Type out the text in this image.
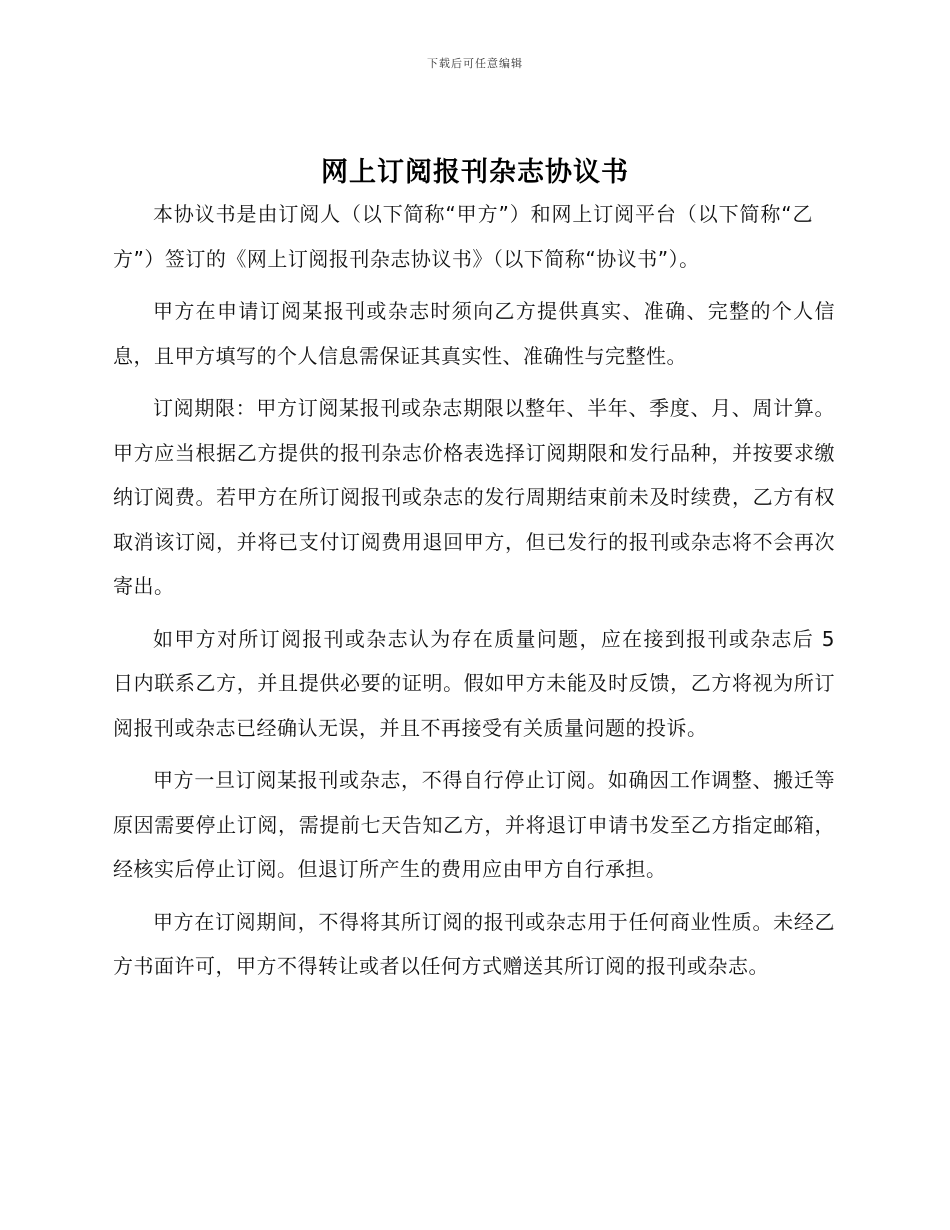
下载后可任意编辑
网上订阅报刊杂志协议书

本协议书是由订阅人（以下简称“甲方”）和网上订阅平台（以下简称“乙方”）签订的《网上订阅报刊杂志协议书》（以下简称“协议书”）。

甲方在申请订阅某报刊或杂志时须向乙方提供真实、准确、完整的个人信息，且甲方填写的个人信息需保证其真实性、准确性与完整性。

订阅期限：甲方订阅某报刊或杂志期限以整年、半年、季度、月、周计算。甲方应当根据乙方提供的报刊杂志价格表选择订阅期限和发行品种，并按要求缴纳订阅费。若甲方在所订阅报刊或杂志的发行周期结束前未及时续费，乙方有权取消该订阅，并将已支付订阅费用退回甲方，但已发行的报刊或杂志将不会再次寄出。

如甲方对所订阅报刊或杂志认为存在质量问题，应在接到报刊或杂志后 5 日内联系乙方，并且提供必要的证明。假如甲方未能及时反馈，乙方将视为所订阅报刊或杂志已经确认无误，并且不再接受有关质量问题的投诉。

甲方一旦订阅某报刊或杂志，不得自行停止订阅。如确因工作调整、搬迁等原因需要停止订阅，需提前七天告知乙方，并将退订申请书发至乙方指定邮箱，经核实后停止订阅。但退订所产生的费用应由甲方自行承担。

甲方在订阅期间，不得将其所订阅的报刊或杂志用于任何商业性质。未经乙方书面许可，甲方不得转让或者以任何方式赠送其所订阅的报刊或杂志。
